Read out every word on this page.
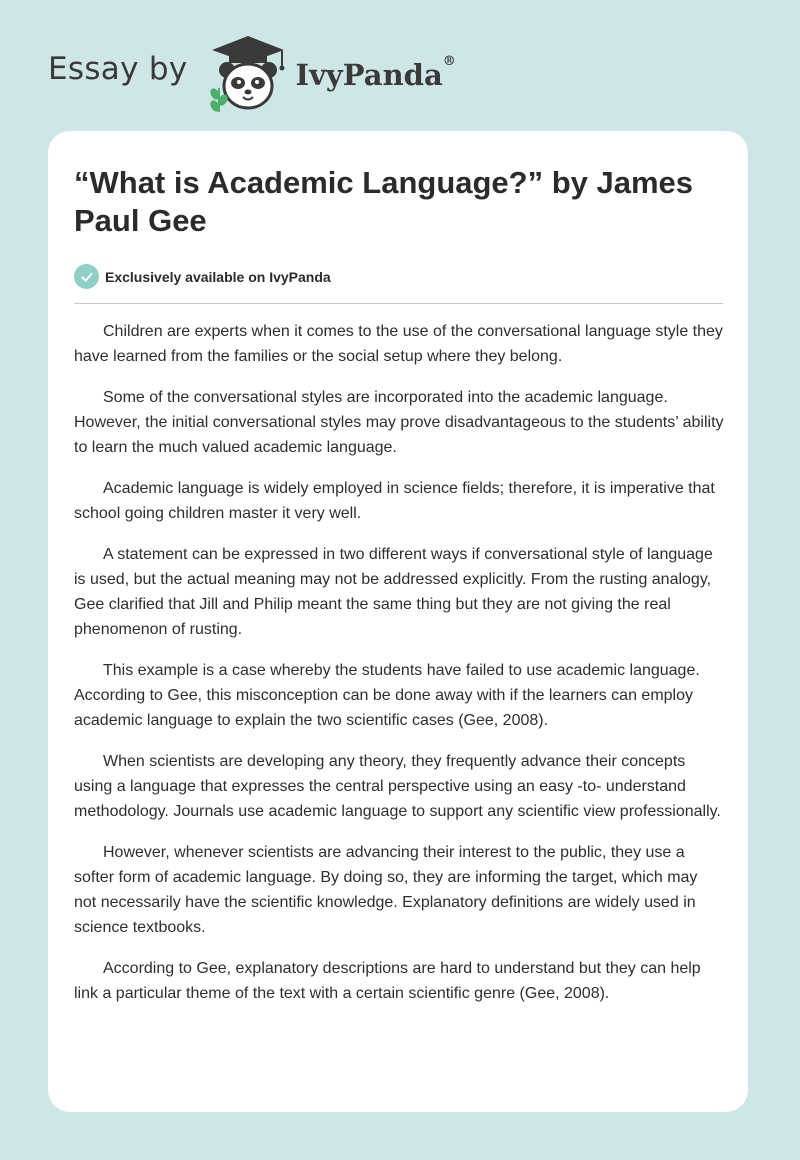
Essay by	IvyPanda®
“What is Academic Language?” by James Paul Gee
Exclusively available on IvyPanda

Children are experts when it comes to the use of the conversational language style they have learned from the families or the social setup where they belong.

Some of the conversational styles are incorporated into the academic language. However, the initial conversational styles may prove disadvantageous to the students’ ability to learn the much valued academic language.

Academic language is widely employed in science fields; therefore, it is imperative that school going children master it very well.

A statement can be expressed in two different ways if conversational style of language is used, but the actual meaning may not be addressed explicitly. From the rusting analogy, Gee clarified that Jill and Philip meant the same thing but they are not giving the real phenomenon of rusting.

This example is a case whereby the students have failed to use academic language. According to Gee, this misconception can be done away with if the learners can employ academic language to explain the two scientific cases (Gee, 2008).

When scientists are developing any theory, they frequently advance their concepts using a language that expresses the central perspective using an easy -to- understand methodology. Journals use academic language to support any scientific view professionally.

However, whenever scientists are advancing their interest to the public, they use a softer form of academic language. By doing so, they are informing the target, which may not necessarily have the scientific knowledge. Explanatory definitions are widely used in science textbooks.

According to Gee, explanatory descriptions are hard to understand but they can help link a particular theme of the text with a certain scientific genre (Gee, 2008).
